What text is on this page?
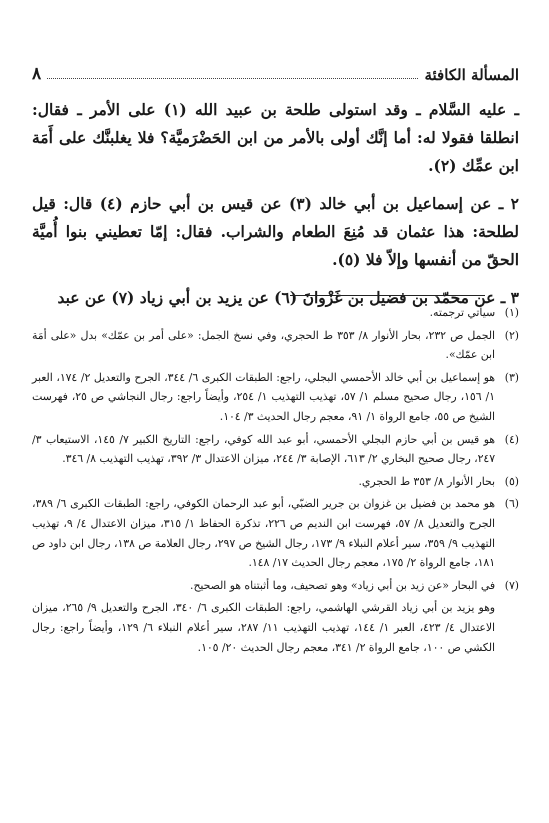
المسألة الكافئة
٨

ـ عليه السَّلام ـ وقد استولى طلحة بن عبيد الله (١) على الأمر ـ فقال: انطلقا فقولا له: أما إنَّك أولى بالأمر من ابن الحَضْرَميَّة؟ فلا يغلبنَّك على أَمَة ابن عمِّك (٢).

٢ ـ عن إسماعيل بن أبي خالد (٣) عن قيس بن أبي حازم (٤) قال: قيل لطلحة: هذا عثمان قد مُنِعَ الطعام والشراب. فقال: إمّا تعطيني بنوا أُميَّة الحقّ من أنفسها وإلاّ فلا (٥).

٣ ـ عن محمّد بن فضيل بن غَزْوانَ (٦) عن يزيد بن أبي زياد (٧) عن عبد

(١)
سيأتي ترجمته.
(٢)
الجمل ص ٢٣٢، بحار الأنوار ٨/ ٣٥٣ ط الحجري، وفي نسخ الجمل: «على أمر بن عمّك» بدل «على أمَة ابن عمّك».
(٣)
هو إسماعيل بن أبي خالد الأحمسي البجلي، راجع: الطبقات الكبرى ٦/ ٣٤٤، الجرح والتعديل ٢/ ١٧٤، العبر ١/ ١٥٦، رجال صحيح مسلم ١/ ٥٧، تهذيب التهذيب ١/ ٢٥٤، وأيضاً راجع: رجال النجاشي ص ٢٥، فهرست الشيخ ص ٥٥، جامع الرواة ١/ ٩١، معجم رجال الحديث ٣/ ١٠٤.
(٤)
هو قيس بن أبي حازم البجلي الأحمسي، أبو عبد الله كوفي، راجع: التاريخ الكبير ٧/ ١٤٥، الاستيعاب ٣/ ٢٤٧، رجال صحيح البخاري ٢/ ٦١٣، الإصابة ٣/ ٢٤٤، ميزان الاعتدال ٣/ ٣٩٢، تهذيب التهذيب ٨/ ٣٤٦.
(٥)
بحار الأنوار ٨/ ٣٥٣ ط الحجري.
(٦)
هو محمد بن فضيل بن غزوان بن جرير الضبّي، أبو عبد الرحمان الكوفي، راجع: الطبقات الكبرى ٦/ ٣٨٩، الجرح والتعديل ٨/ ٥٧، فهرست ابن النديم ص ٢٢٦، تذكرة الحفاظ ١/ ٣١٥، ميزان الاعتدال ٤/ ٩، تهذيب التهذيب ٩/ ٣٥٩، سير أعلام النبلاء ٩/ ١٧٣، رجال الشيخ ص ٢٩٧، رجال العلامة ص ١٣٨، رجال ابن داود ص ١٨١، جامع الرواة ٢/ ١٧٥، معجم رجال الحديث ١٧/ ١٤٨.
(٧)
في البحار «عن زيد بن أبي زياد» وهو تصحيف، وما أثبتناه هو الصحيح.
وهو يزيد بن أبي زياد القرشي الهاشمي، راجع: الطبقات الكبرى ٦/ ٣٤٠، الجرح والتعديل ٩/ ٢٦٥، ميزان الاعتدال ٤/ ٤٢٣، العبر ١/ ١٤٤، تهذيب التهذيب ١١/ ٢٨٧، سير أعلام النبلاء ٦/ ١٢٩، وأيضاً راجع: رجال الكشي ص ١٠٠، جامع الرواة ٢/ ٣٤١، معجم رجال الحديث ٢٠/ ١٠٥.
